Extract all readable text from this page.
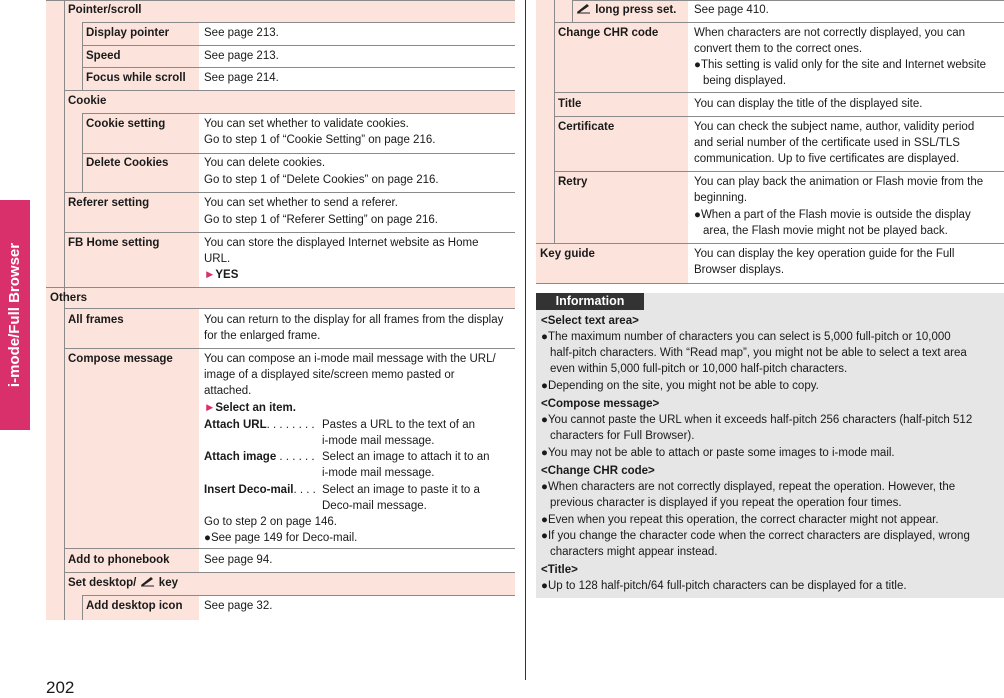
i-mode/Full Browser
Pointer/scroll
Display pointer	See page 213.
Speed	See page 213.
Focus while scroll See page 214.
Cookie
Cookie setting	You can set whether to validate cookies.
Go to step 1 of “Cookie Setting” on page 216.
Delete Cookies	You can delete cookies.
Go to step 1 of “Delete Cookies” on page 216.
Referer setting	You can set whether to send a referer.
Go to step 1 of “Referer Setting” on page 216.
FB Home setting	You can store the displayed Internet website as Home
URL.
►YES
Others
All frames	You can return to the display for all frames from the display
for the enlarged frame.
Compose message	You can compose an i-mode mail message with the URL/
image of a displayed site/screen memo pasted or
attached.
►Select an item.
Attach URL. . . . . . . . Pastes a URL to the text of an
i-mode mail message.
Attach image . . . . . . Select an image to attach it to an
i-mode mail message.
Insert Deco-mail. . . . Select an image to paste it to a
Deco-mail message.
Go to step 2 on page 146.
●See page 149 for Deco-mail.
Add to phonebook	See page 94.
Set desktop/ key
Add desktop icon See page 32.
202
long press set. See page 410.
Change CHR code	When characters are not correctly displayed, you can
convert them to the correct ones.
●This setting is valid only for the site and Internet website
being displayed.
Title	You can display the title of the displayed site.
Certificate	You can check the subject name, author, validity period
and serial number of the certificate used in SSL/TLS
communication. Up to five certificates are displayed.
Retry	You can play back the animation or Flash movie from the
beginning.
●When a part of the Flash movie is outside the display
area, the Flash movie might not be played back.
Key guide	You can display the key operation guide for the Full
Browser displays.
Information
<Select text area>
●The maximum number of characters you can select is 5,000 full-pitch or 10,000
half-pitch characters. With “Read map”, you might not be able to select a text area
even within 5,000 full-pitch or 10,000 half-pitch characters.
●Depending on the site, you might not be able to copy.
<Compose message>
●You cannot paste the URL when it exceeds half-pitch 256 characters (half-pitch 512
characters for Full Browser).
●You may not be able to attach or paste some images to i-mode mail.
<Change CHR code>
●When characters are not correctly displayed, repeat the operation. However, the
previous character is displayed if you repeat the operation four times.
●Even when you repeat this operation, the correct character might not appear.
●If you change the character code when the correct characters are displayed, wrong
characters might appear instead.
<Title>
●Up to 128 half-pitch/64 full-pitch characters can be displayed for a title.
